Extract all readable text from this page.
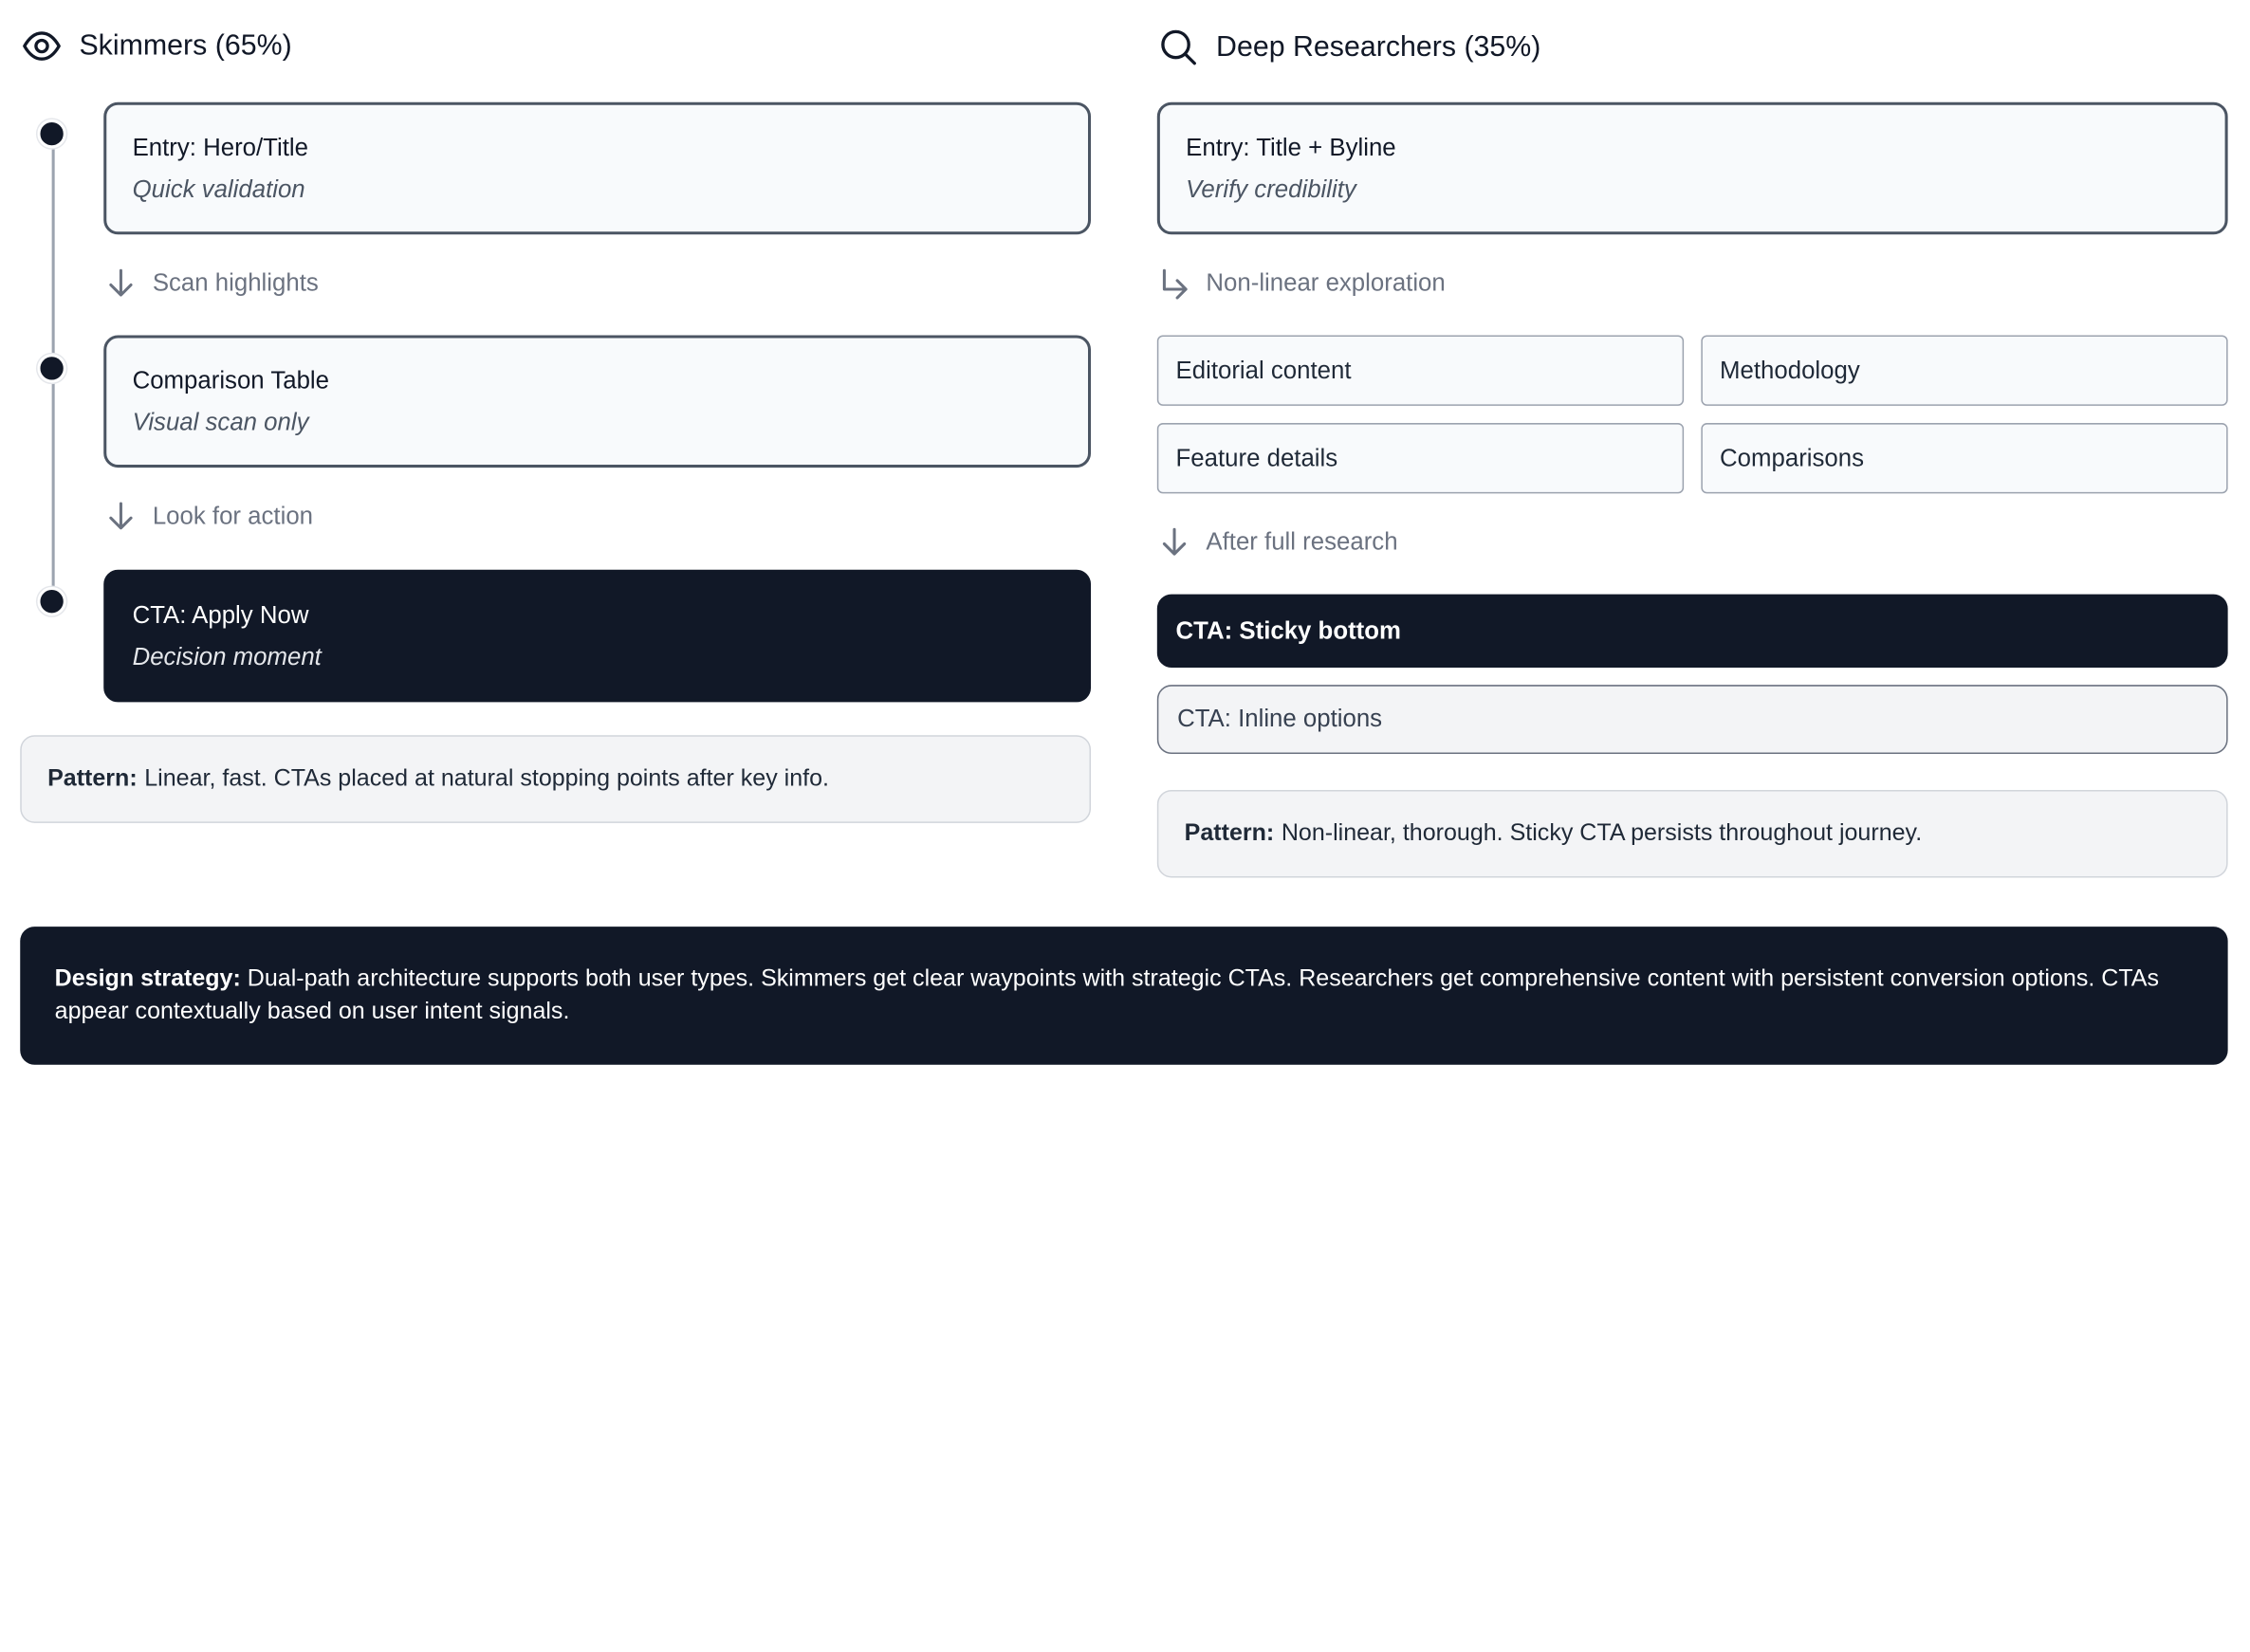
Skimmers (65%)
Entry: Hero/Title
Quick validation
Scan highlights
Comparison Table
Visual scan only
Look for action
CTA: Apply Now
Decision moment
Pattern: Linear, fast. CTAs placed at natural stopping points after key info.
Deep Researchers (35%)
Entry: Title + Byline
Verify credibility
Non-linear exploration
Editorial content	Methodology
Feature details	Comparisons
After full research
CTA: Sticky bottom
CTA: Inline options
Pattern: Non-linear, thorough. Sticky CTA persists throughout journey.
Design strategy: Dual-path architecture supports both user types. Skimmers get clear waypoints with strategic CTAs. Researchers get comprehensive content with persistent conversion options. CTAs appear contextually based on user intent signals.
